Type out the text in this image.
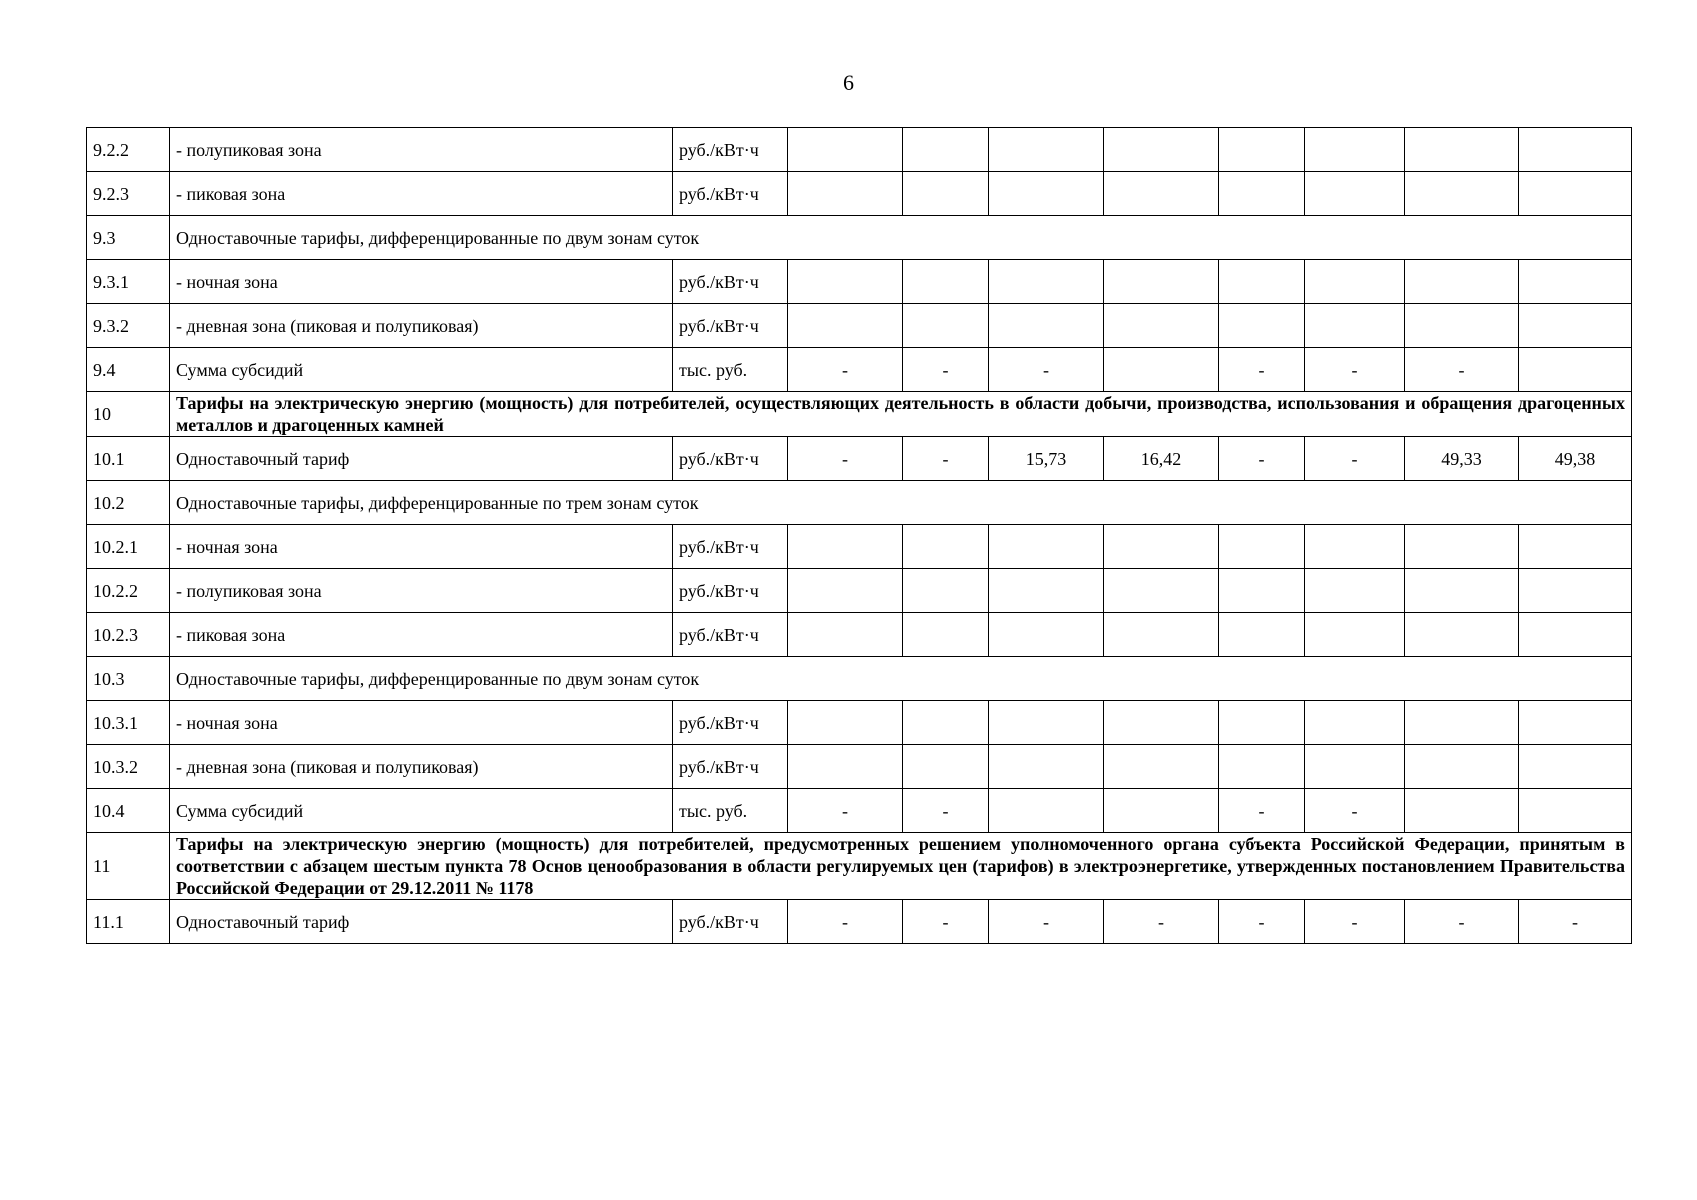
6
9.2.2	- полупиковая зона	руб./кВт·ч								
9.2.3	- пиковая зона	руб./кВт·ч								
9.3	Одноставочные тарифы, дифференцированные по двум зонам суток									
9.3.1	- ночная зона	руб./кВт·ч								
9.3.2	- дневная зона (пиковая и полупиковая)	руб./кВт·ч								
9.4	Сумма субсидий	тыс. руб.	-	-	-		-	-	-	
10	Тарифы на электрическую энергию (мощность) для потребителей, осуществляющих деятельность в области добычи, производства, использования и обращения драгоценных металлов и драгоценных камней									
10.1	Одноставочный тариф	руб./кВт·ч	-	-	15,73	16,42	-	-	49,33	49,38
10.2	Одноставочные тарифы, дифференцированные по трем зонам суток									
10.2.1	- ночная зона	руб./кВт·ч								
10.2.2	- полупиковая зона	руб./кВт·ч								
10.2.3	- пиковая зона	руб./кВт·ч								
10.3	Одноставочные тарифы, дифференцированные по двум зонам суток									
10.3.1	- ночная зона	руб./кВт·ч								
10.3.2	- дневная зона (пиковая и полупиковая)	руб./кВт·ч								
10.4	Сумма субсидий	тыс. руб.	-	-			-	-		
11	Тарифы на электрическую энергию (мощность) для потребителей, предусмотренных решением уполномоченного органа субъекта Российской Федерации, принятым в соответствии с абзацем шестым пункта 78 Основ ценообразования в области регулируемых цен (тарифов) в электроэнергетике, утвержденных постановлением Правительства Российской Федерации от 29.12.2011 № 1178									
11.1	Одноставочный тариф	руб./кВт·ч	-	-	-	-	-	-	-	-
